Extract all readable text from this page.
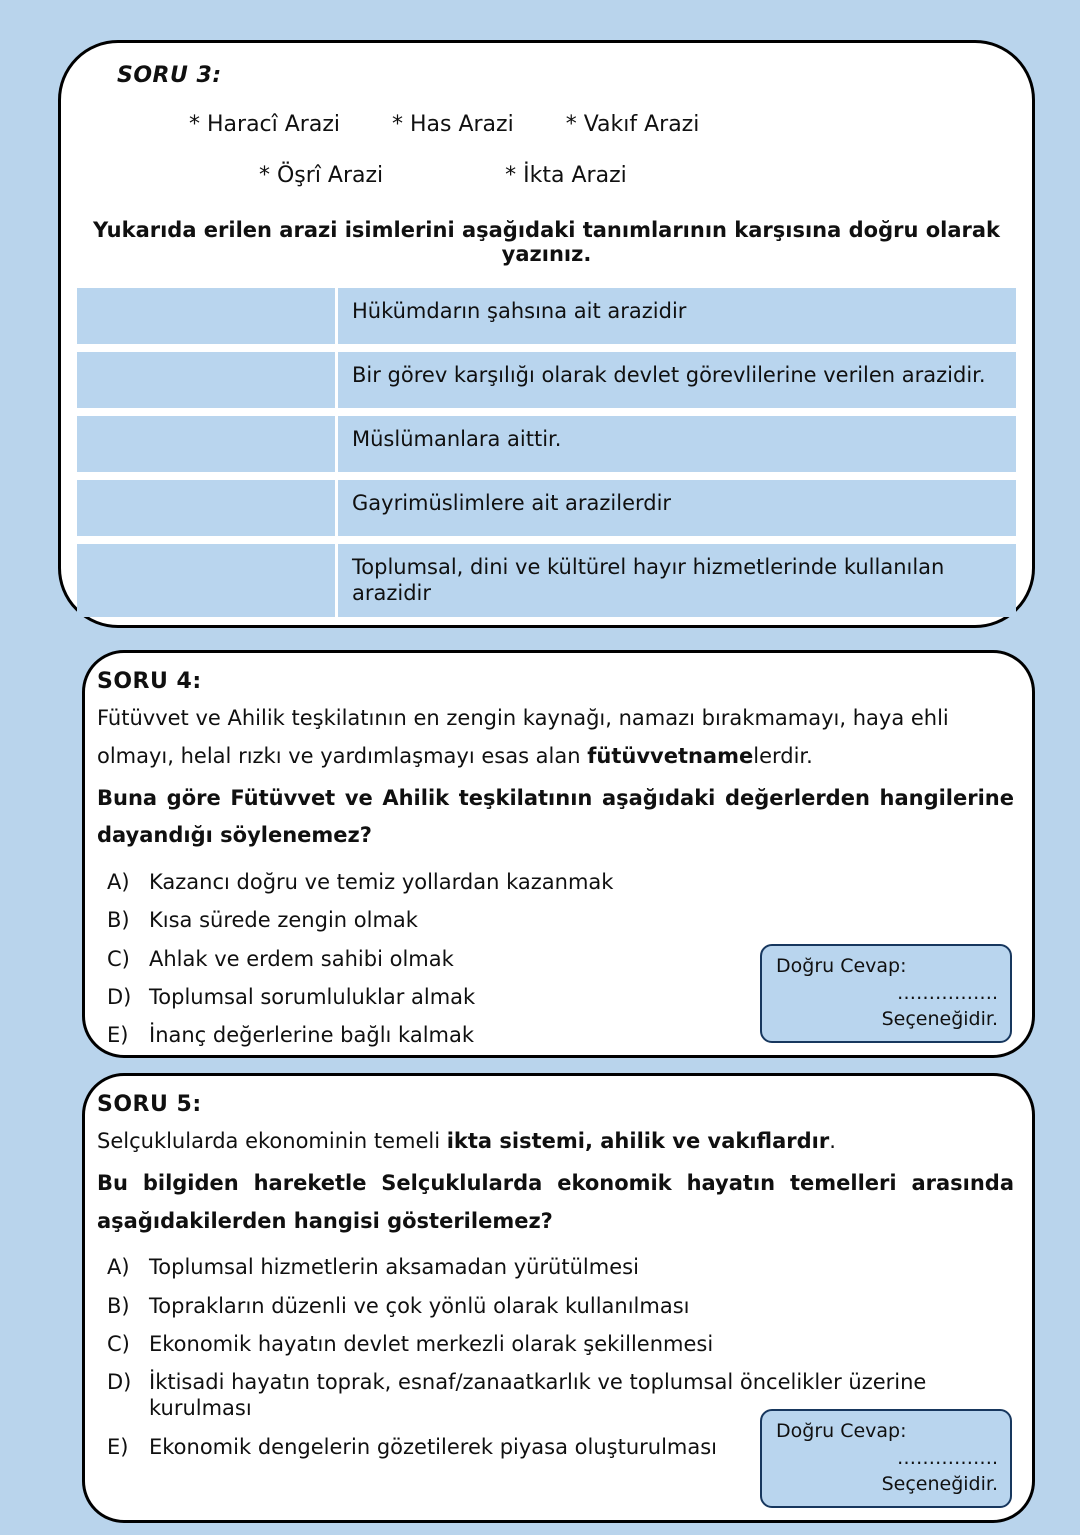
SORU 3:
* Haracî Arazi * Has Arazi * Vakıf Arazi
* Öşrî Arazi	* İkta Arazi

Yukarıda erilen arazi isimlerini aşağıdaki tanımlarının karşısına doğru olarak yazınız.

Hükümdarın şahsına ait arazidir
Bir görev karşılığı olarak devlet görevlilerine verilen arazidir.
Müslümanlara aittir.
Gayrimüslimlere ait arazilerdir
Toplumsal, dini ve kültürel hayır hizmetlerinde kullanılan arazidir
SORU 4:

Fütüvvet ve Ahilik teşkilatının en zengin kaynağı, namazı bırakmamayı, haya ehli olmayı, helal rızkı ve yardımlaşmayı esas alan fütüvvetnamelerdir.

Buna göre Fütüvvet ve Ahilik teşkilatının aşağıdaki değerlerden hangilerine dayandığı söylenemez?

A) Kazancı doğru ve temiz yollardan kazanmak
B) Kısa sürede zengin olmak
C) Ahlak ve erdem sahibi olmak
D) Toplumsal sorumluluklar almak
E) İnanç değerlerine bağlı kalmak
Doğru Cevap:
……………. Seçeneğidir.
SORU 5:

Selçuklularda ekonominin temeli ikta sistemi, ahilik ve vakıflardır.

Bu bilgiden hareketle Selçuklularda ekonomik hayatın temelleri arasında aşağıdakilerden hangisi gösterilemez?

A) Toplumsal hizmetlerin aksamadan yürütülmesi
B) Toprakların düzenli ve çok yönlü olarak kullanılması
C) Ekonomik hayatın devlet merkezli olarak şekillenmesi
D) İktisadi hayatın toprak, esnaf/zanaatkarlık ve toplumsal öncelikler üzerine kurulması
E) Ekonomik dengelerin gözetilerek piyasa oluşturulması
Doğru Cevap:
……………. Seçeneğidir.
